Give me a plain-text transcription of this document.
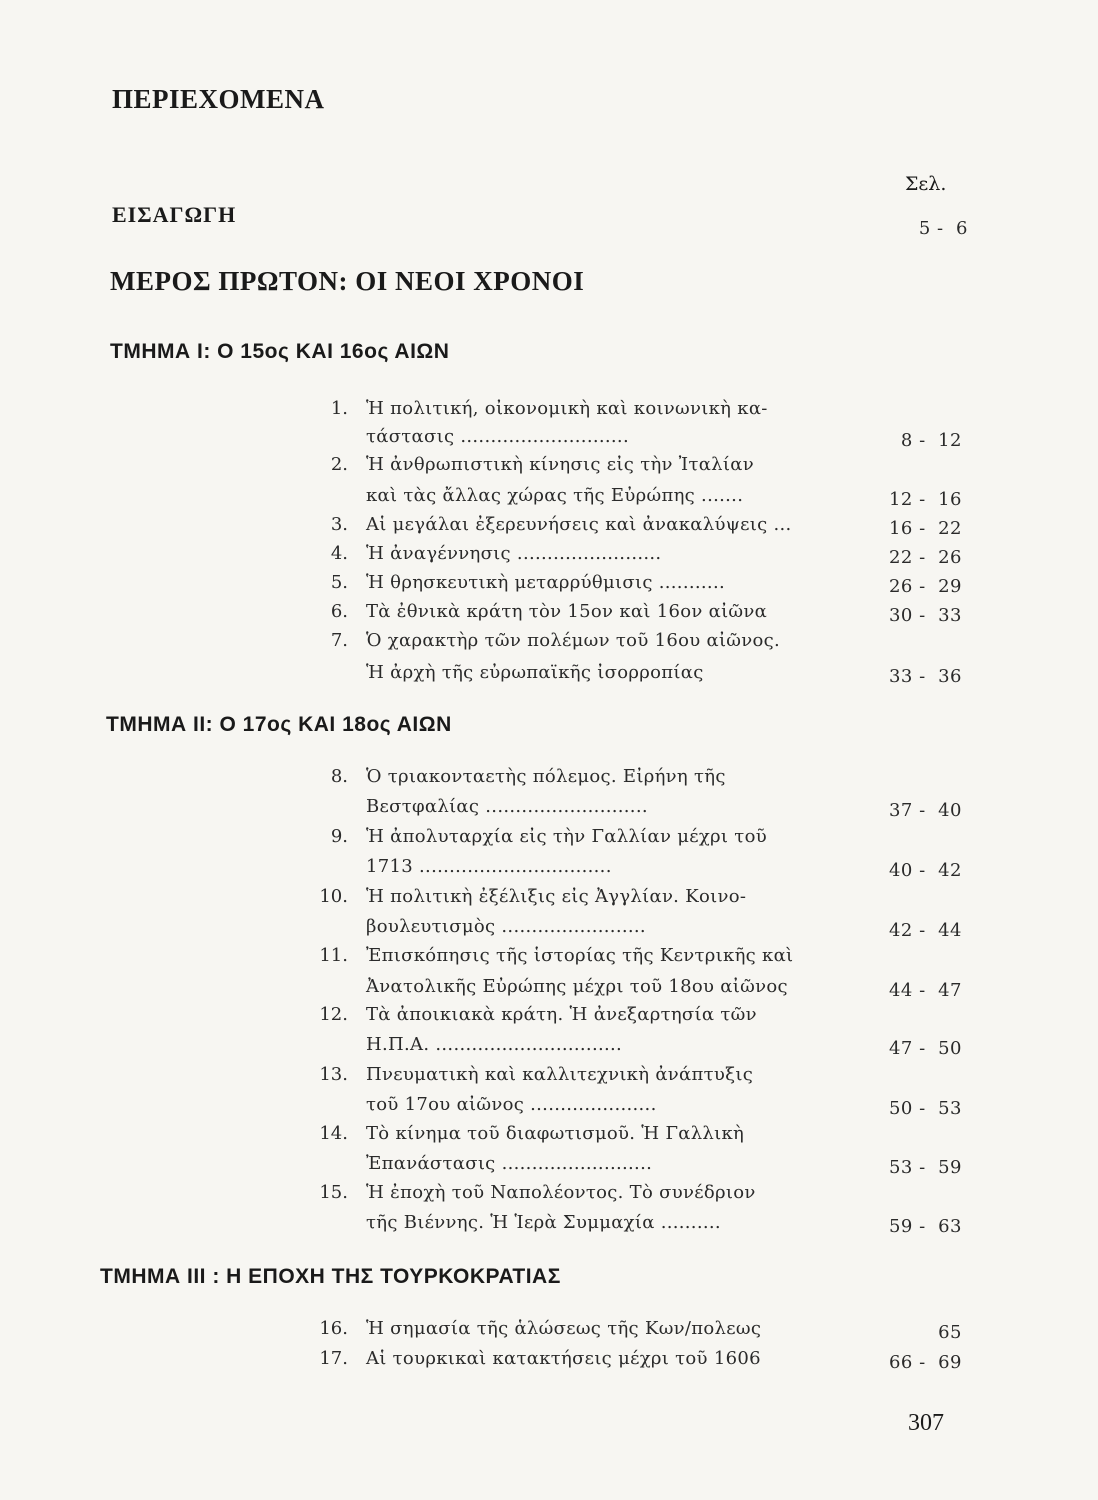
ΠΕΡΙΕΧΟΜΕΝΑ
Σελ.
ΕΙΣΑΓΩΓΗ
5 -  6
ΜΕΡΟΣ ΠΡΩΤΟΝ: ΟΙ ΝΕΟΙ ΧΡΟΝΟΙ
ΤΜΗΜΑ Ι: Ο 15ος ΚΑΙ 16ος ΑΙΩΝ
1. Ἡ πολιτική, οἰκονομικὴ καὶ κοινωνικὴ κα-
τάστασις ............................	8 -  12
2. Ἡ ἀνθρωπιστικὴ κίνησις εἰς τὴν Ἰταλίαν
καὶ τὰς ἄλλας χώρας τῆς Εὐρώπης .......	12 -  16
3. Αἱ μεγάλαι ἐξερευνήσεις καὶ ἀνακαλύψεις ...	16 -  22
4. Ἡ ἀναγέννησις ........................	22 -  26
5. Ἡ θρησκευτικὴ μεταρρύθμισις ...........	26 -  29
6. Τὰ ἐθνικὰ κράτη τὸν 15ον καὶ 16ον αἰῶνα	30 -  33
7. Ὁ χαρακτὴρ τῶν πολέμων τοῦ 16ου αἰῶνος.
Ἡ ἀρχὴ τῆς εὐρωπαϊκῆς ἰσορροπίας	33 -  36
ΤΜΗΜΑ ΙΙ: Ο 17ος ΚΑΙ 18ος ΑΙΩΝ
8. Ὁ τριακονταετὴς πόλεμος. Εἰρήνη τῆς
Βεστφαλίας ...........................	37 -  40
9. Ἡ ἀπολυταρχία εἰς τὴν Γαλλίαν μέχρι τοῦ
1713 ................................	40 -  42
10. Ἡ πολιτικὴ ἐξέλιξις εἰς Ἀγγλίαν. Κοινο-
βουλευτισμὸς ........................	42 -  44
11. Ἐπισκόπησις τῆς ἱστορίας τῆς Κεντρικῆς καὶ
Ἀνατολικῆς Εὐρώπης μέχρι τοῦ 18ου αἰῶνος	44 -  47
12. Τὰ ἀποικιακὰ κράτη. Ἡ ἀνεξαρτησία τῶν
Η.Π.Α. ...............................	47 -  50
13. Πνευματικὴ καὶ καλλιτεχνικὴ ἀνάπτυξις
τοῦ 17ου αἰῶνος .....................	50 -  53
14. Τὸ κίνημα τοῦ διαφωτισμοῦ. Ἡ Γαλλικὴ
Ἐπανάστασις .........................	53 -  59
15. Ἡ ἐποχὴ τοῦ Ναπολέοντος. Τὸ συνέδριον
τῆς Βιέννης. Ἡ Ἱερὰ Συμμαχία ..........	59 -  63
ΤΜΗΜΑ ΙΙΙ : Η ΕΠΟΧΗ ΤΗΣ ΤΟΥΡΚΟΚΡΑΤΙΑΣ
16. Ἡ σημασία τῆς ἁλώσεως τῆς Κων/πολεως	65
17. Αἱ τουρκικαὶ κατακτήσεις μέχρι τοῦ 1606	66 -  69
307
